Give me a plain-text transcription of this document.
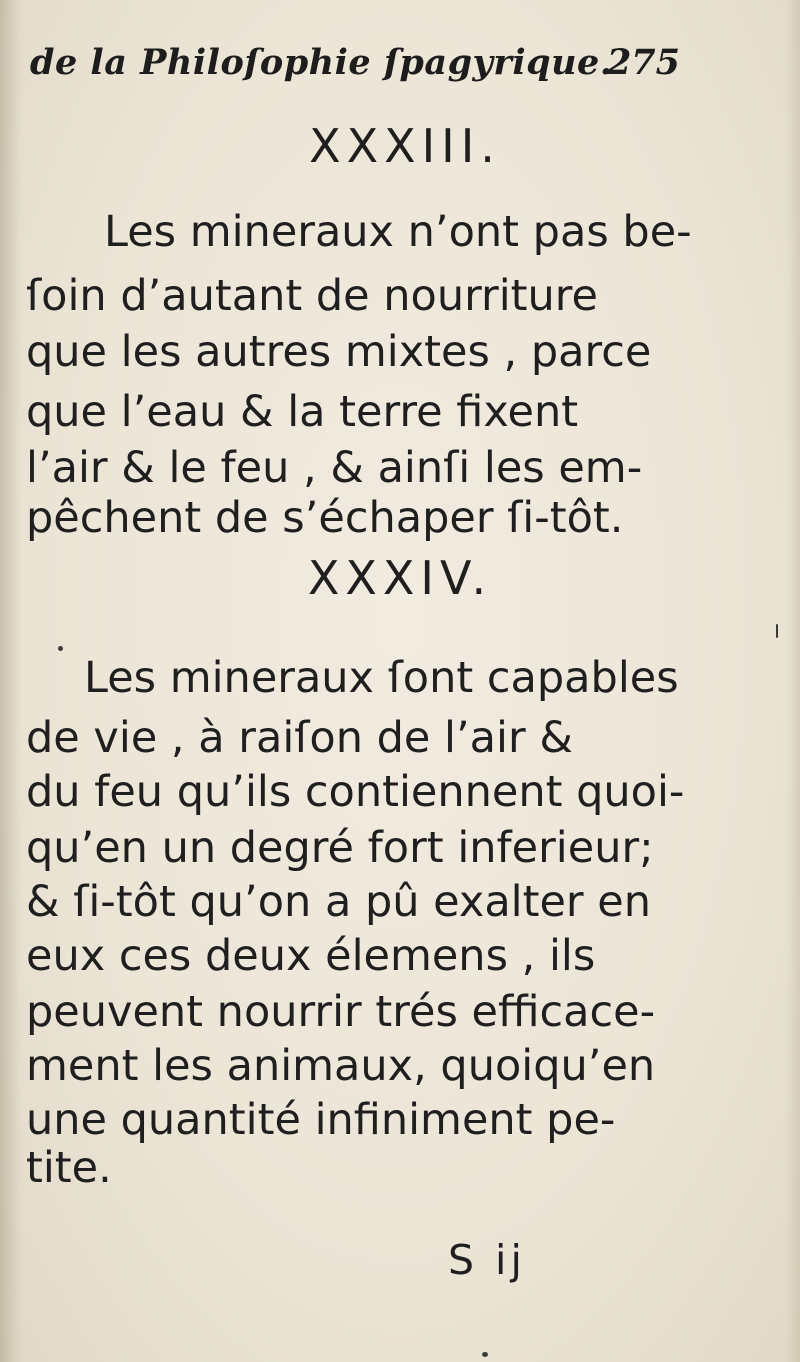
de la Philoſophie ſpagyrique.
275
XXXIII.
Les mineraux n’ont pas be-
ſoin d’autant de nourriture
que les autres mixtes , parce
que l’eau & la terre fixent
l’air & le feu , & ainſi les em-
pêchent de s’échaper ſi-tôt.
XXXIV.
Les mineraux ſont capables
de vie , à raiſon de l’air &
du feu qu’ils contiennent quoi-
qu’en un degré fort inferieur;
& ſi-tôt qu’on a pû exalter en
eux ces deux élemens , ils
peuvent nourrir trés efficace-
ment les animaux, quoiqu’en
une quantité infiniment pe-
tite.
S ij
